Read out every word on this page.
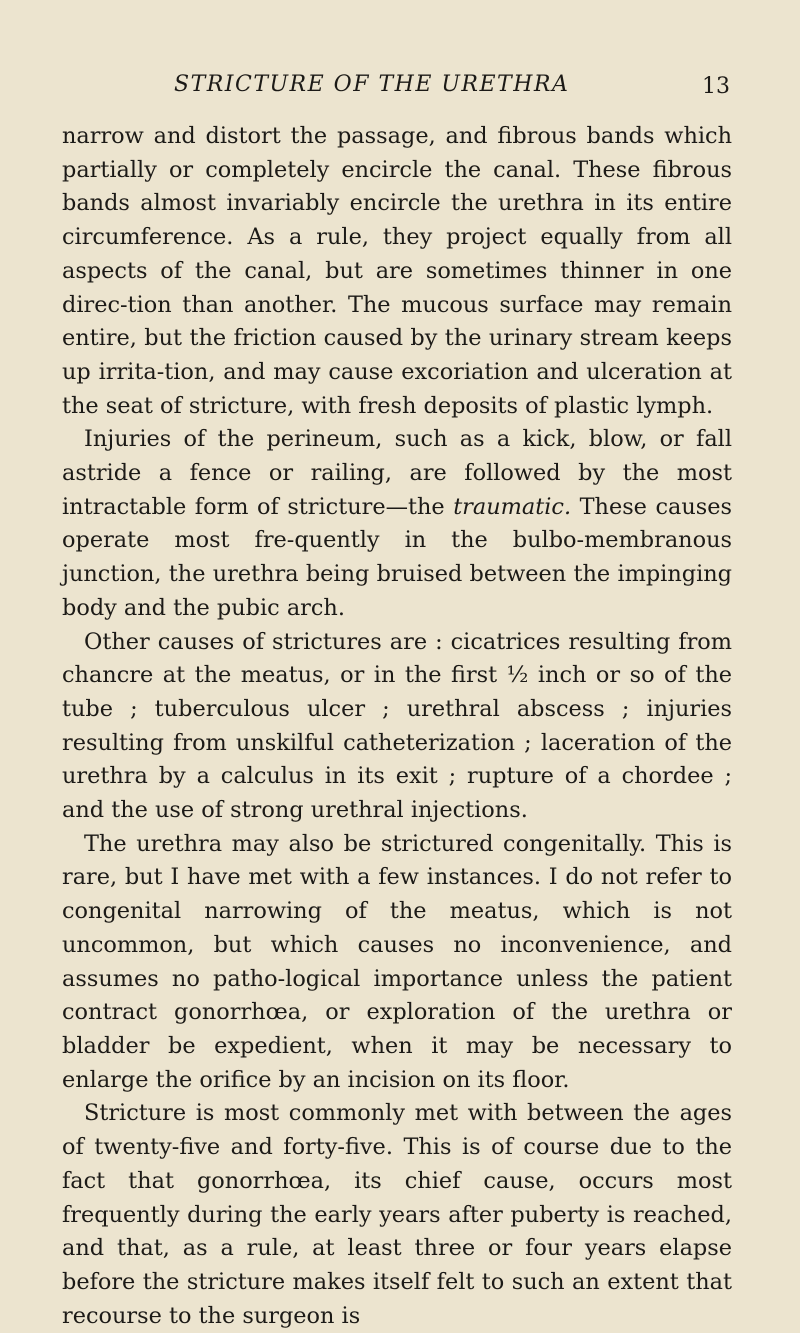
STRICTURE OF THE URETHRA	13

narrow and distort the passage, and fibrous bands which partially or completely encircle the canal. These fibrous bands almost invariably encircle the urethra in its entire circumference. As a rule, they project equally from all aspects of the canal, but are sometimes thinner in one direc-tion than another. The mucous surface may remain entire, but the friction caused by the urinary stream keeps up irrita-tion, and may cause excoriation and ulceration at the seat of stricture, with fresh deposits of plastic lymph.

Injuries of the perineum, such as a kick, blow, or fall astride a fence or railing, are followed by the most intractable form of stricture—the traumatic. These causes operate most fre-quently in the bulbo-membranous junction, the urethra being bruised between the impinging body and the pubic arch.

Other causes of strictures are : cicatrices resulting from chancre at the meatus, or in the first ½ inch or so of the tube ; tuberculous ulcer ; urethral abscess ; injuries resulting from unskilful catheterization ; laceration of the urethra by a calculus in its exit ; rupture of a chordee ; and the use of strong urethral injections.

The urethra may also be strictured congenitally. This is rare, but I have met with a few instances. I do not refer to congenital narrowing of the meatus, which is not uncommon, but which causes no inconvenience, and assumes no patho-logical importance unless the patient contract gonorrhœa, or exploration of the urethra or bladder be expedient, when it may be necessary to enlarge the orifice by an incision on its floor.

Stricture is most commonly met with between the ages of twenty-five and forty-five. This is of course due to the fact that gonorrhœa, its chief cause, occurs most frequently during the early years after puberty is reached, and that, as a rule, at least three or four years elapse before the stricture makes itself felt to such an extent that recourse to the surgeon is
